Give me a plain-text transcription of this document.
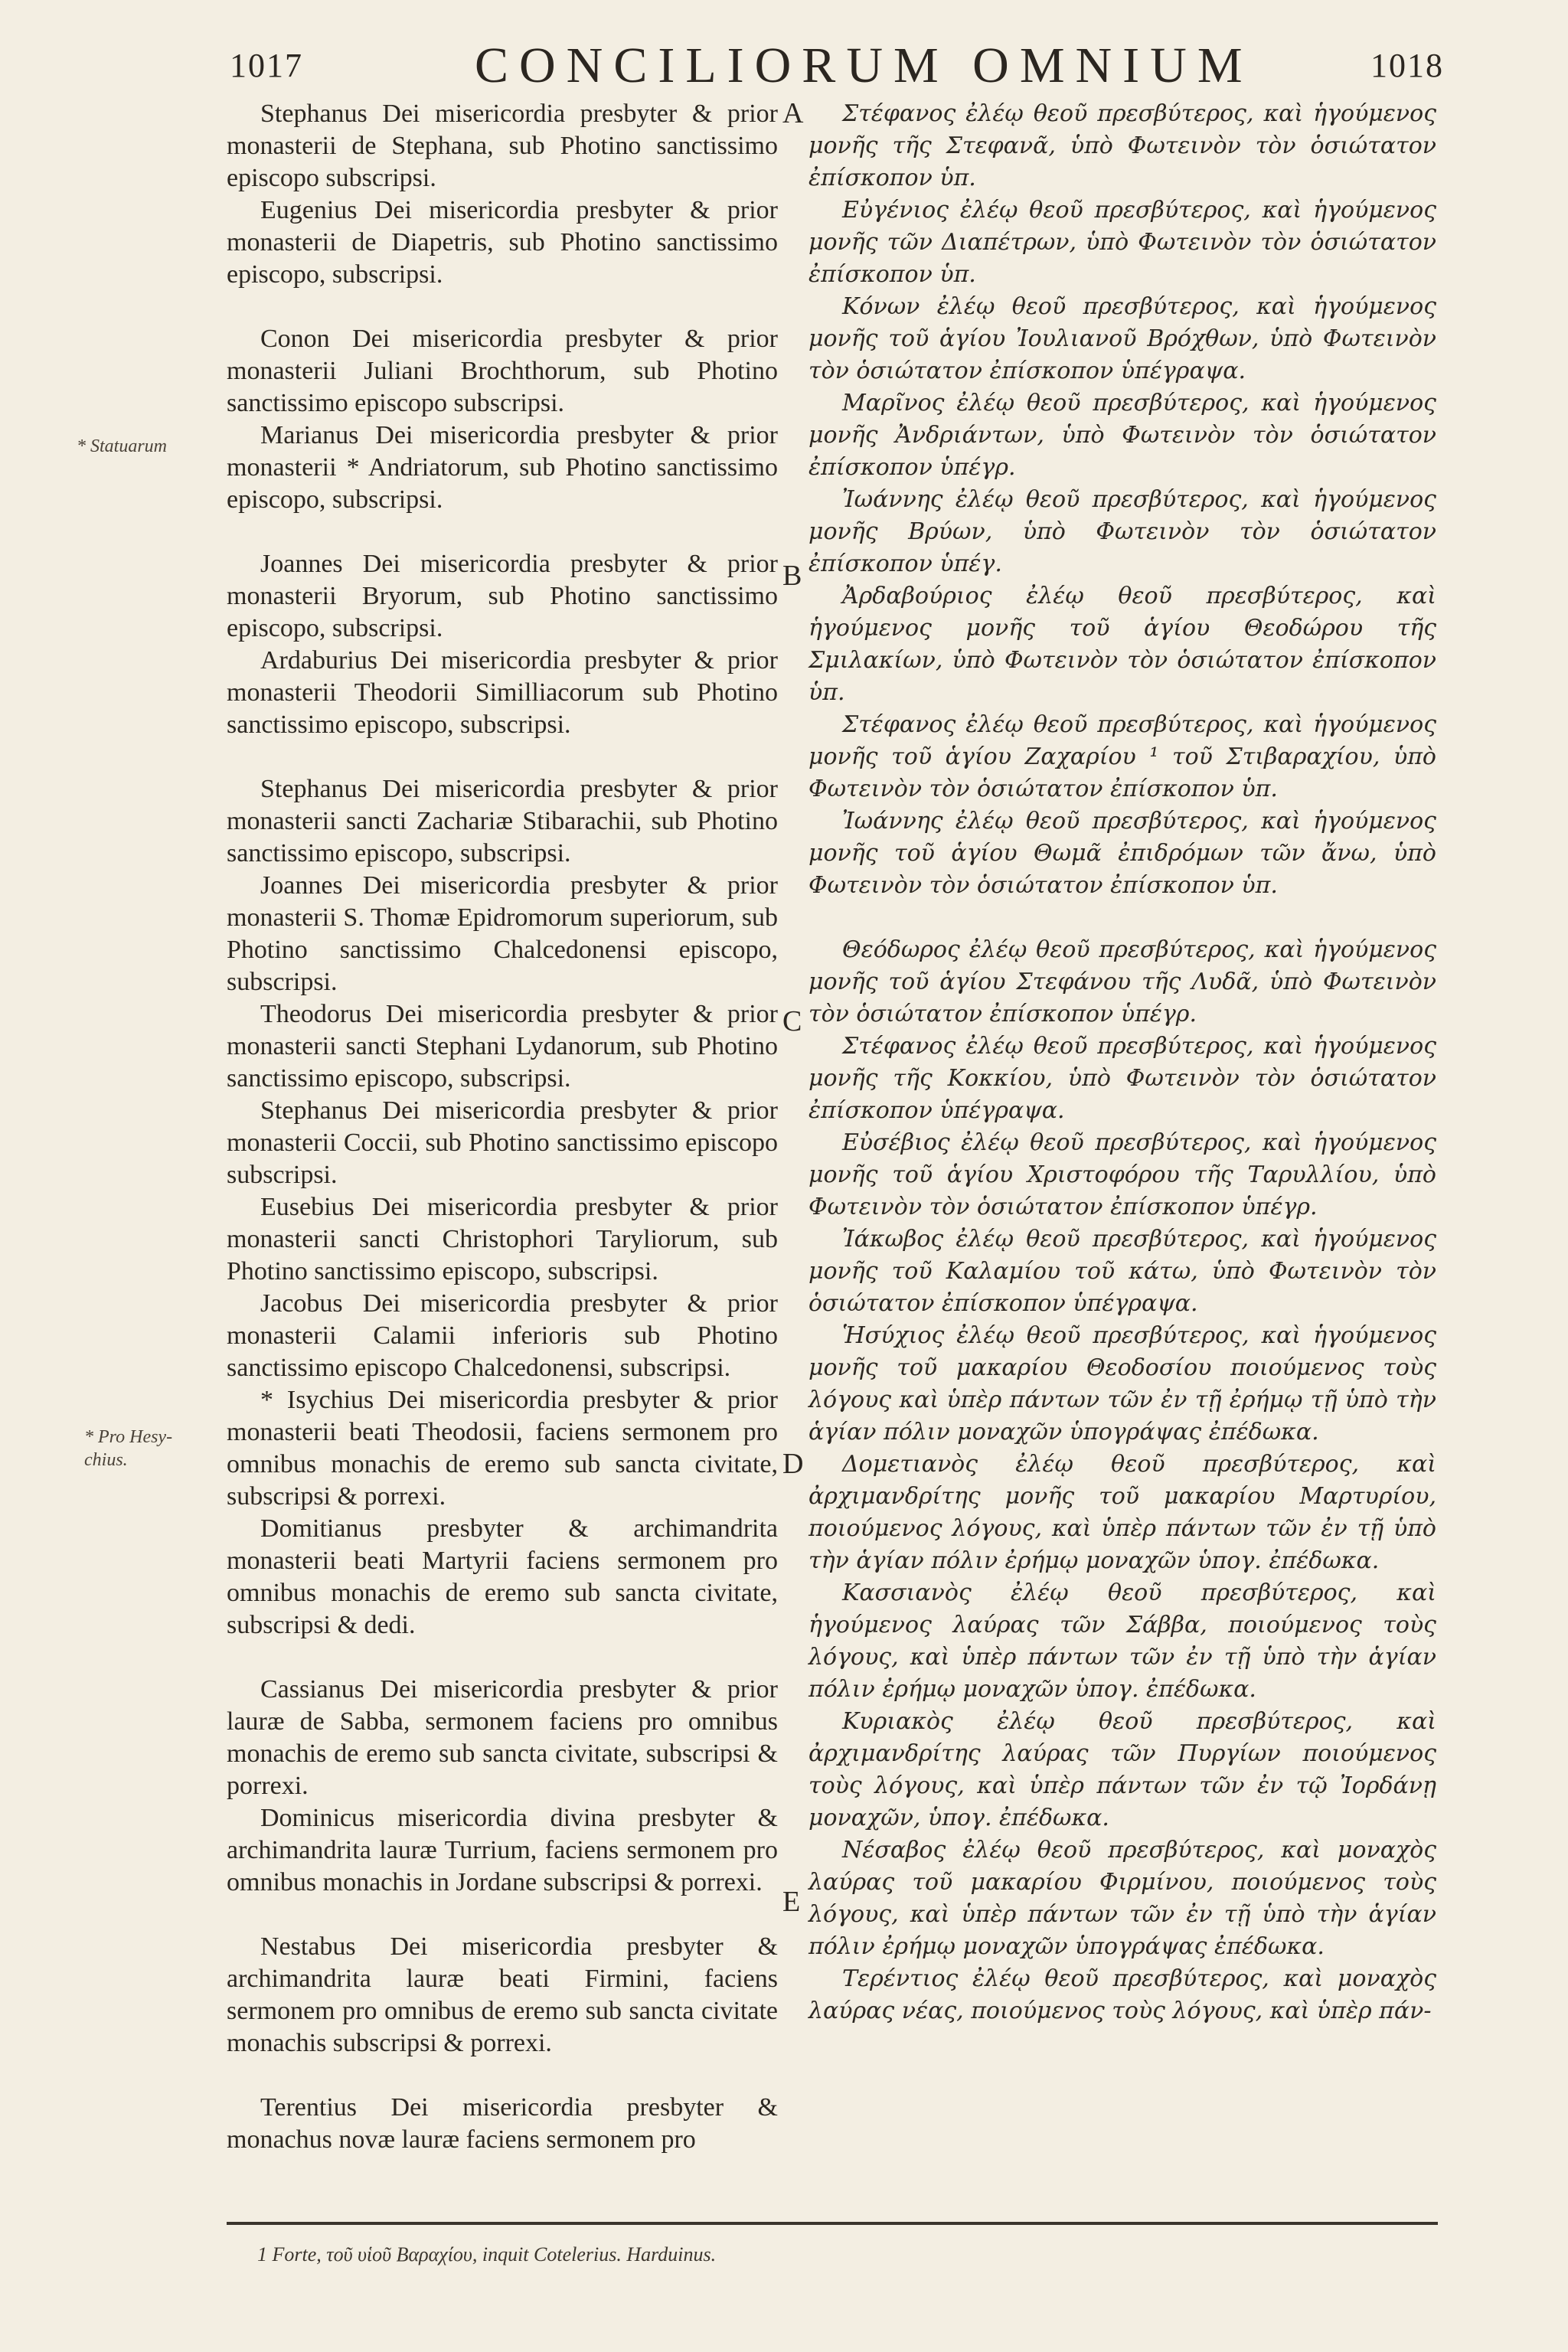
1017	CONCILIORUM OMNIUM	1018
* Statuarum
* Pro Hesy-chius.
A
B
C
D
E

Stephanus Dei misericordia presbyter & prior monasterii de Stephana, sub Photino sanctissimo episcopo subscripsi.

Eugenius Dei misericordia presbyter & prior monasterii de Diapetris, sub Photino sanctissimo episcopo, subscripsi.

Conon Dei misericordia presbyter & prior monasterii Juliani Brochthorum, sub Photino sanctissimo episcopo subscripsi.

Marianus Dei misericordia presbyter & prior monasterii * Andriatorum, sub Photino sanctissimo episcopo, subscripsi.

Joannes Dei misericordia presbyter & prior monasterii Bryorum, sub Photino sanctissimo episcopo, subscripsi.

Ardaburius Dei misericordia presbyter & prior monasterii Theodorii Similliacorum sub Photino sanctissimo episcopo, subscripsi.

Stephanus Dei misericordia presbyter & prior monasterii sancti Zachariæ Stibarachii, sub Photino sanctissimo episcopo, subscripsi.

Joannes Dei misericordia presbyter & prior monasterii S. Thomæ Epidromorum superiorum, sub Photino sanctissimo Chalcedonensi episcopo, subscripsi.

Theodorus Dei misericordia presbyter & prior monasterii sancti Stephani Lydanorum, sub Photino sanctissimo episcopo, subscripsi.

Stephanus Dei misericordia presbyter & prior monasterii Coccii, sub Photino sanctissimo episcopo subscripsi.

Eusebius Dei misericordia presbyter & prior monasterii sancti Christophori Taryliorum, sub Photino sanctissimo episcopo, subscripsi.

Jacobus Dei misericordia presbyter & prior monasterii Calamii inferioris sub Photino sanctissimo episcopo Chalcedonensi, subscripsi.

* Isychius Dei misericordia presbyter & prior monasterii beati Theodosii, faciens sermonem pro omnibus monachis de eremo sub sancta civitate, subscripsi & porrexi.

Domitianus presbyter & archimandrita monasterii beati Martyrii faciens sermonem pro omnibus monachis de eremo sub sancta civitate, subscripsi & dedi.

Cassianus Dei misericordia presbyter & prior lauræ de Sabba, sermonem faciens pro omnibus monachis de eremo sub sancta civitate, subscripsi & porrexi.

Dominicus misericordia divina presbyter & archimandrita lauræ Turrium, faciens sermonem pro omnibus monachis in Jordane subscripsi & porrexi.

Nestabus Dei misericordia presbyter & archimandrita lauræ beati Firmini, faciens sermonem pro omnibus de eremo sub sancta civitate monachis subscripsi & porrexi.

Terentius Dei misericordia presbyter & monachus novæ lauræ faciens sermonem pro

Στέφανος ἐλέῳ θεοῦ πρεσβύτερος, καὶ ἡγούμενος μονῆς τῆς Στεφανᾶ, ὑπὸ Φωτεινὸν τὸν ὁσιώτατον ἐπίσκοπον ὑπ.

Εὐγένιος ἐλέῳ θεοῦ πρεσβύτερος, καὶ ἡγούμενος μονῆς τῶν Διαπέτρων, ὑπὸ Φωτεινὸν τὸν ὁσιώτατον ἐπίσκοπον ὑπ.

Κόνων ἐλέῳ θεοῦ πρεσβύτερος, καὶ ἡγούμενος μονῆς τοῦ ἁγίου Ἰουλιανοῦ Βρόχθων, ὑπὸ Φωτεινὸν τὸν ὁσιώτατον ἐπίσκοπον ὑπέγραψα.

Μαρῖνος ἐλέῳ θεοῦ πρεσβύτερος, καὶ ἡγούμενος μονῆς Ἀνδριάντων, ὑπὸ Φωτεινὸν τὸν ὁσιώτατον ἐπίσκοπον ὑπέγρ.

Ἰωάννης ἐλέῳ θεοῦ πρεσβύτερος, καὶ ἡγούμενος μονῆς Βρύων, ὑπὸ Φωτεινὸν τὸν ὁσιώτατον ἐπίσκοπον ὑπέγ.

Ἀρδαβούριος ἐλέῳ θεοῦ πρεσβύτερος, καὶ ἡγούμενος μονῆς τοῦ ἁγίου Θεοδώρου τῆς Σμιλακίων, ὑπὸ Φωτεινὸν τὸν ὁσιώτατον ἐπίσκοπον ὑπ.

Στέφανος ἐλέῳ θεοῦ πρεσβύτερος, καὶ ἡγούμενος μονῆς τοῦ ἁγίου Ζαχαρίου ¹ τοῦ Στιβαραχίου, ὑπὸ Φωτεινὸν τὸν ὁσιώτατον ἐπίσκοπον ὑπ.

Ἰωάννης ἐλέῳ θεοῦ πρεσβύτερος, καὶ ἡγούμενος μονῆς τοῦ ἁγίου Θωμᾶ ἐπιδρόμων τῶν ἄνω, ὑπὸ Φωτεινὸν τὸν ὁσιώτατον ἐπίσκοπον ὑπ.

Θεόδωρος ἐλέῳ θεοῦ πρεσβύτερος, καὶ ἡγούμενος μονῆς τοῦ ἁγίου Στεφάνου τῆς Λυδᾶ, ὑπὸ Φωτεινὸν τὸν ὁσιώτατον ἐπίσκοπον ὑπέγρ.

Στέφανος ἐλέῳ θεοῦ πρεσβύτερος, καὶ ἡγούμενος μονῆς τῆς Κοκκίου, ὑπὸ Φωτεινὸν τὸν ὁσιώτατον ἐπίσκοπον ὑπέγραψα.

Εὐσέβιος ἐλέῳ θεοῦ πρεσβύτερος, καὶ ἡγούμενος μονῆς τοῦ ἁγίου Χριστοφόρου τῆς Ταρυλλίου, ὑπὸ Φωτεινὸν τὸν ὁσιώτατον ἐπίσκοπον ὑπέγρ.

Ἰάκωβος ἐλέῳ θεοῦ πρεσβύτερος, καὶ ἡγούμενος μονῆς τοῦ Καλαμίου τοῦ κάτω, ὑπὸ Φωτεινὸν τὸν ὁσιώτατον ἐπίσκοπον ὑπέγραψα.

Ἡσύχιος ἐλέῳ θεοῦ πρεσβύτερος, καὶ ἡγούμενος μονῆς τοῦ μακαρίου Θεοδοσίου ποιούμενος τοὺς λόγους καὶ ὑπὲρ πάντων τῶν ἐν τῇ ἐρήμῳ τῇ ὑπὸ τὴν ἁγίαν πόλιν μοναχῶν ὑπογράψας ἐπέδωκα.

Δομετιανὸς ἐλέῳ θεοῦ πρεσβύτερος, καὶ ἀρχιμανδρίτης μονῆς τοῦ μακαρίου Μαρτυρίου, ποιούμενος λόγους, καὶ ὑπὲρ πάντων τῶν ἐν τῇ ὑπὸ τὴν ἁγίαν πόλιν ἐρήμῳ μοναχῶν ὑπογ. ἐπέδωκα.

Κασσιανὸς ἐλέῳ θεοῦ πρεσβύτερος, καὶ ἡγούμενος λαύρας τῶν Σάββα, ποιούμενος τοὺς λόγους, καὶ ὑπὲρ πάντων τῶν ἐν τῇ ὑπὸ τὴν ἁγίαν πόλιν ἐρήμῳ μοναχῶν ὑπογ. ἐπέδωκα.

Κυριακὸς ἐλέῳ θεοῦ πρεσβύτερος, καὶ ἀρχιμανδρίτης λαύρας τῶν Πυργίων ποιούμενος τοὺς λόγους, καὶ ὑπὲρ πάντων τῶν ἐν τῷ Ἰορδάνῃ μοναχῶν, ὑπογ. ἐπέδωκα.

Νέσαβος ἐλέῳ θεοῦ πρεσβύτερος, καὶ μοναχὸς λαύρας τοῦ μακαρίου Φιρμίνου, ποιούμενος τοὺς λόγους, καὶ ὑπὲρ πάντων τῶν ἐν τῇ ὑπὸ τὴν ἁγίαν πόλιν ἐρήμῳ μοναχῶν ὑπογράψας ἐπέδωκα.

Τερέντιος ἐλέῳ θεοῦ πρεσβύτερος, καὶ μοναχὸς λαύρας νέας, ποιούμενος τοὺς λόγους, καὶ ὑπὲρ πάν-

1 Forte, τοῦ υἱοῦ Βαραχίου, inquit Cotelerius. Harduinus.
